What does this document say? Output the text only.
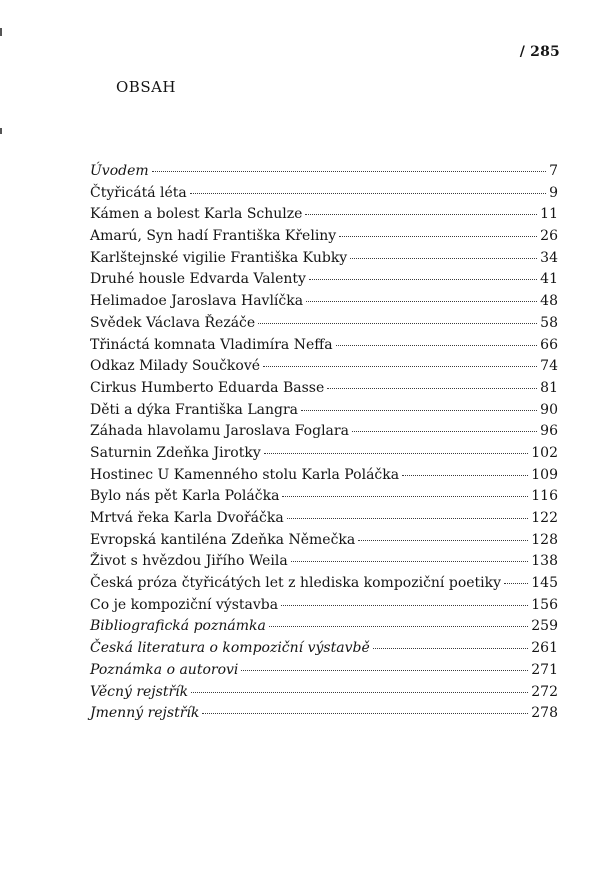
/ 285
OBSAH
Úvodem	7
Čtyřicátá léta	9
Kámen a bolest Karla Schulze	11
Amarú, Syn hadí Františka Křeliny	26
Karlštejnské vigilie Františka Kubky	34
Druhé housle Edvarda Valenty	41
Helimadoe Jaroslava Havlíčka	48
Svědek Václava Řezáče	58
Třináctá komnata Vladimíra Neffa	66
Odkaz Milady Součkové	74
Cirkus Humberto Eduarda Basse	81
Děti a dýka Františka Langra	90
Záhada hlavolamu Jaroslava Foglara	96
Saturnin Zdeňka Jirotky	102
Hostinec U Kamenného stolu Karla Poláčka	109
Bylo nás pět Karla Poláčka	116
Mrtvá řeka Karla Dvořáčka	122
Evropská kantiléna Zdeňka Němečka	128
Život s hvězdou Jiřího Weila	138
Česká próza čtyřicátých let z hlediska kompoziční poetiky 145
Co je kompoziční výstavba	156
Bibliografická poznámka	259
Česká literatura o kompoziční výstavbě	261
Poznámka o autorovi	271
Věcný rejstřík	272
Jmenný rejstřík	278
